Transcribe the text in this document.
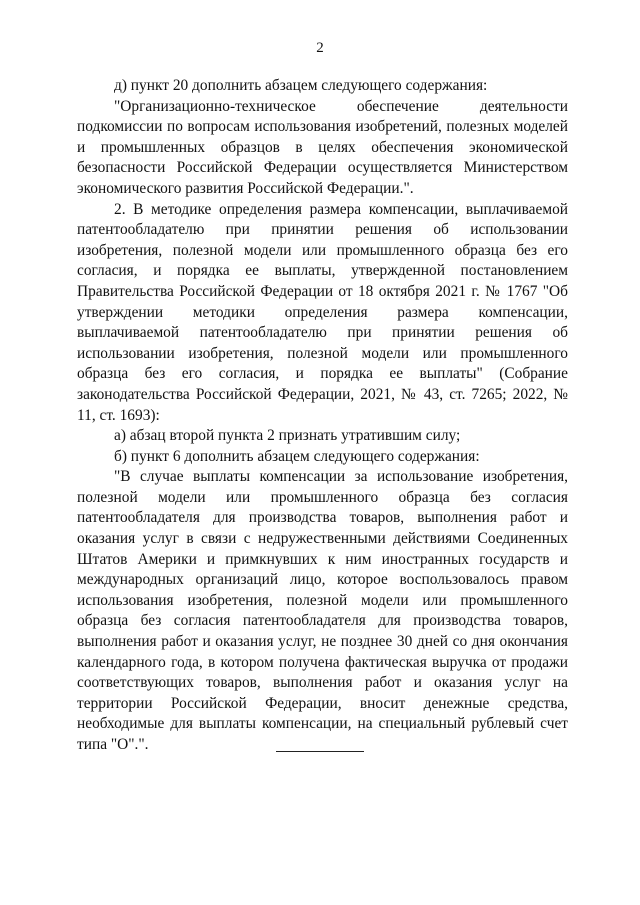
2

д) пункт 20 дополнить абзацем следующего содержания:

"Организационно-техническое обеспечение деятельности подкомиссии по вопросам использования изобретений, полезных моделей и промышленных образцов в целях обеспечения экономической безопасности Российской Федерации осуществляется Министерством экономического развития Российской Федерации.".

2. В методике определения размера компенсации, выплачиваемой патентообладателю при принятии решения об использовании изобретения, полезной модели или промышленного образца без его согласия, и порядка ее выплаты, утвержденной постановлением Правительства Российской Федерации от 18 октября 2021 г. № 1767 "Об утверждении методики определения размера компенсации, выплачиваемой патентообладателю при принятии решения об использовании изобретения, полезной модели или промышленного образца без его согласия, и порядка ее выплаты" (Собрание законодательства Российской Федерации, 2021, № 43, ст. 7265; 2022, № 11, ст. 1693):

а) абзац второй пункта 2 признать утратившим силу;

б) пункт 6 дополнить абзацем следующего содержания:

"В случае выплаты компенсации за использование изобретения, полезной модели или промышленного образца без согласия патентообладателя для производства товаров, выполнения работ и оказания услуг в связи с недружественными действиями Соединенных Штатов Америки и примкнувших к ним иностранных государств и международных организаций лицо, которое воспользовалось правом использования изобретения, полезной модели или промышленного образца без согласия патентообладателя для производства товаров, выполнения работ и оказания услуг, не позднее 30 дней со дня окончания календарного года, в котором получена фактическая выручка от продажи соответствующих товаров, выполнения работ и оказания услуг на территории Российской Федерации, вносит денежные средства, необходимые для выплаты компенсации, на специальный рублевый счет типа "О".".
